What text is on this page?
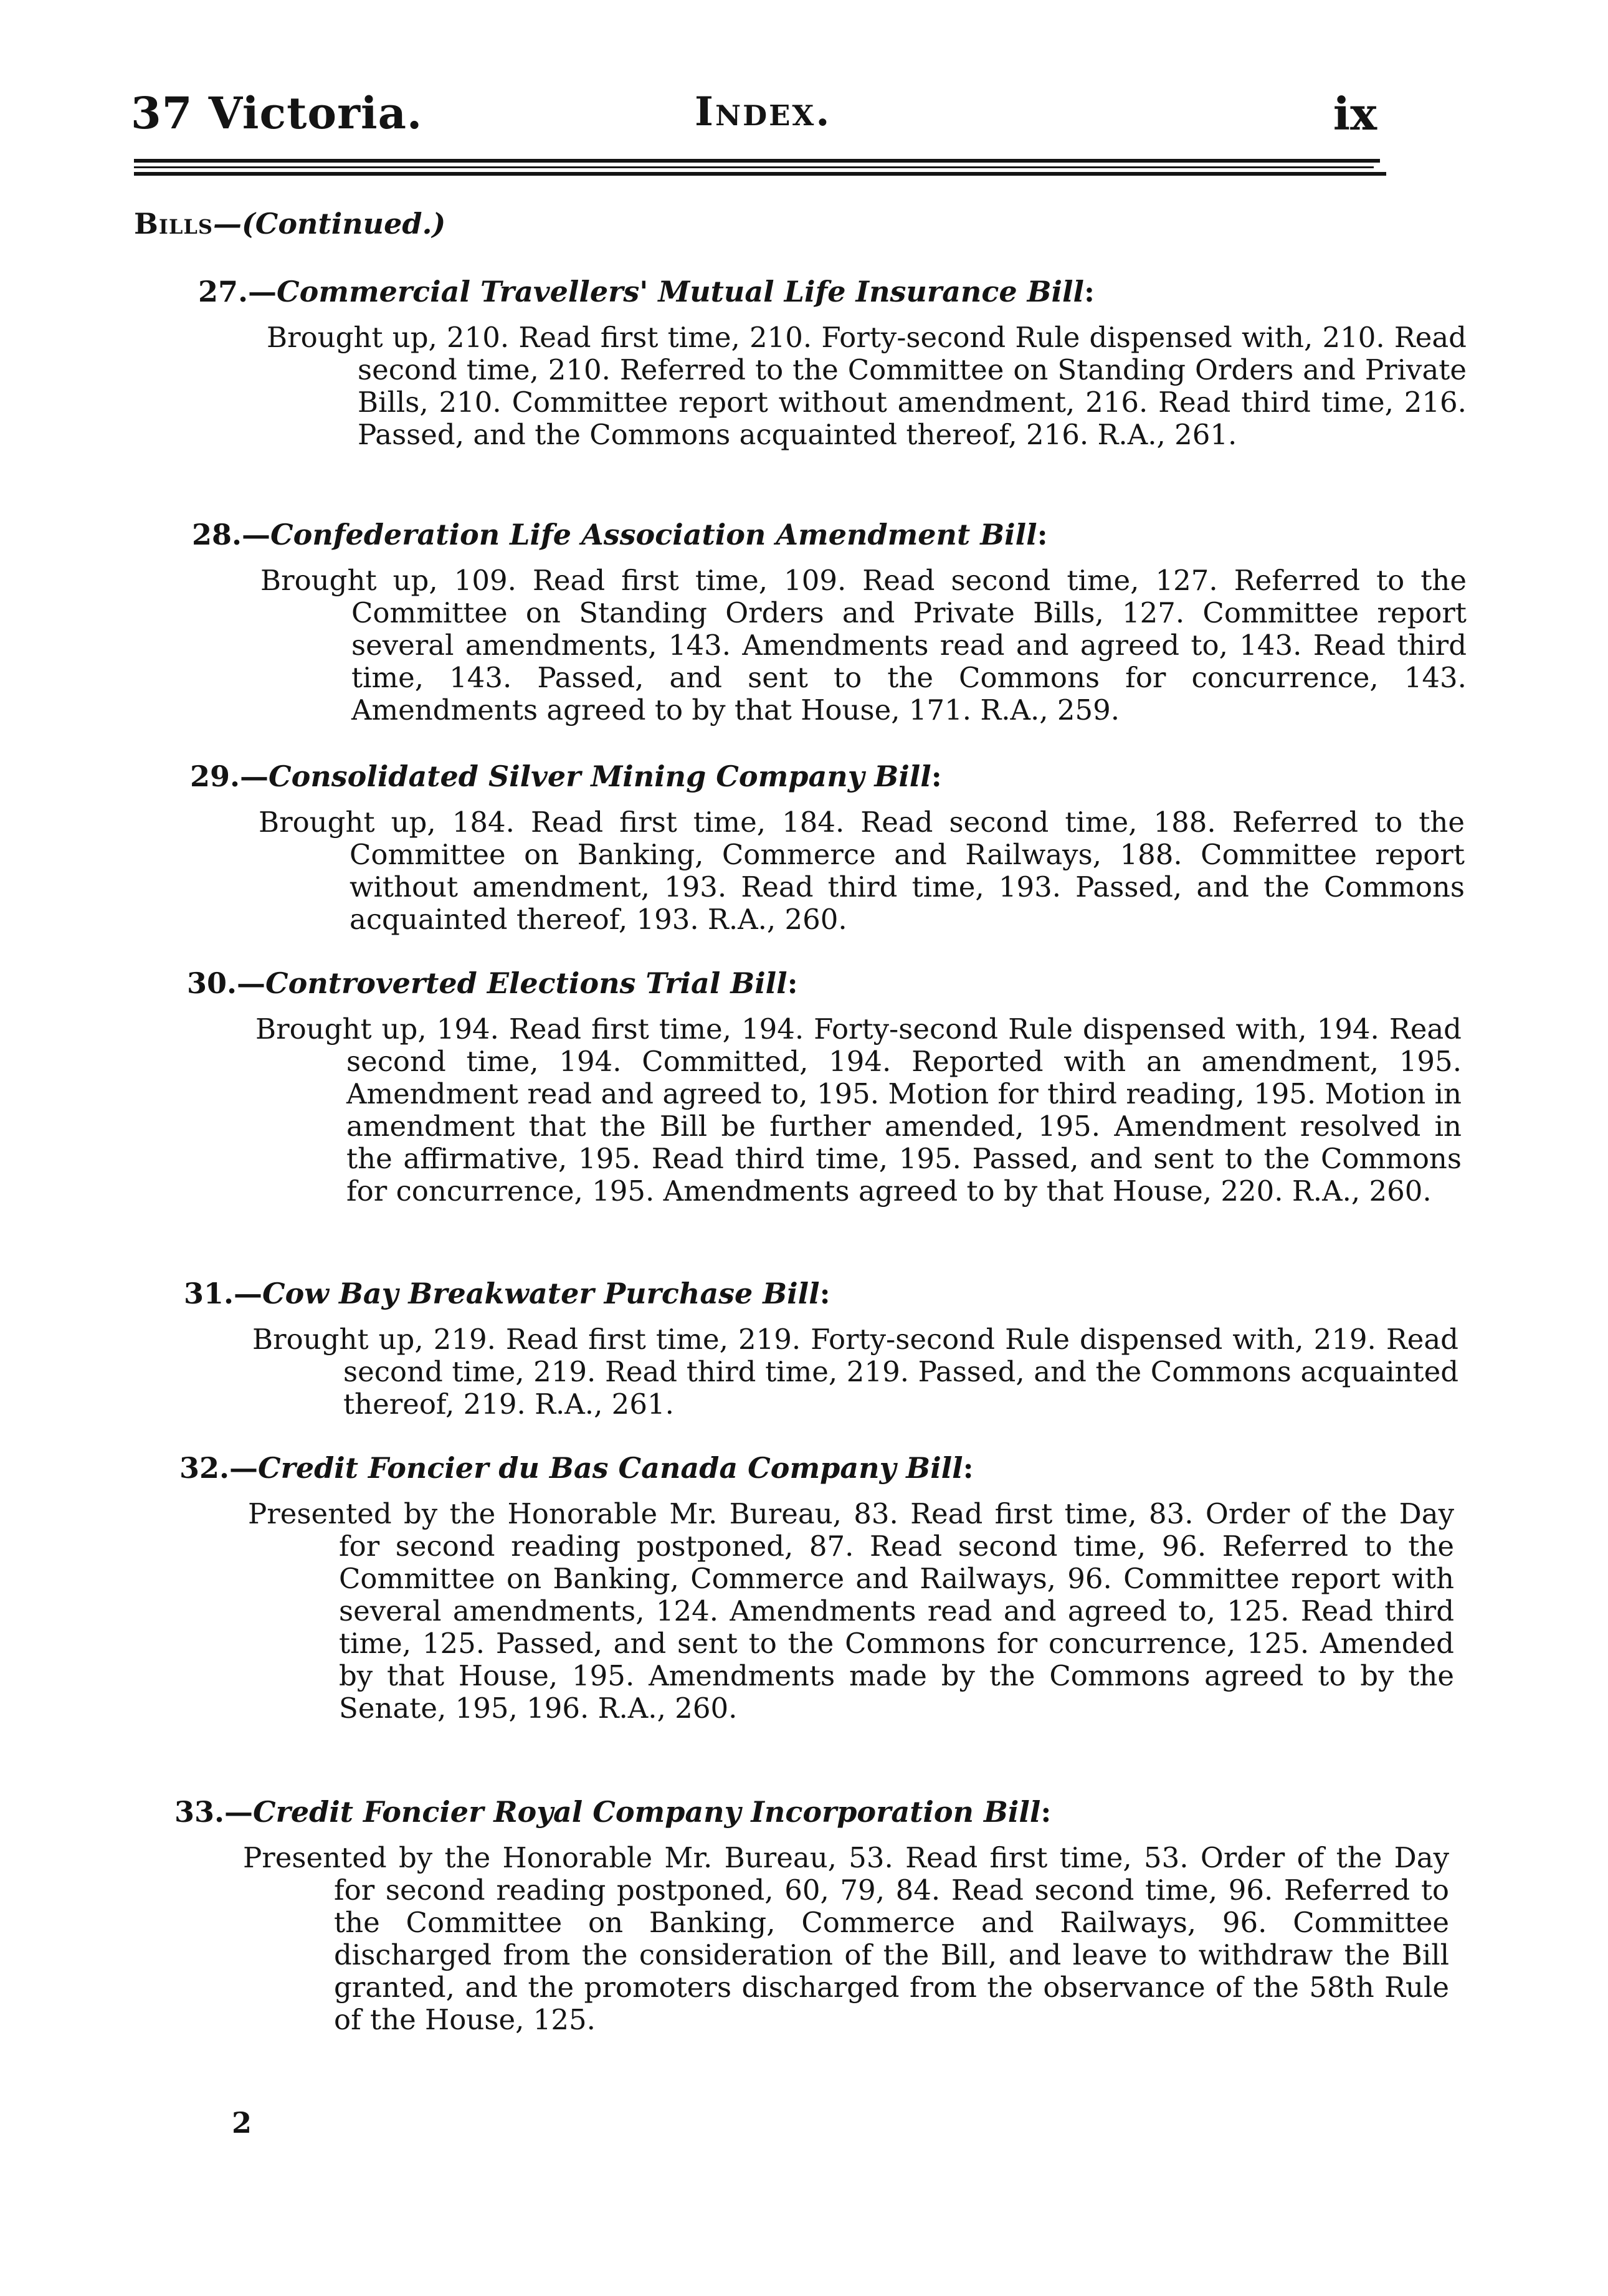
37 Victoria.	Index.	ix
Bills—(Continued.)
27.—Commercial Travellers' Mutual Life Insurance Bill:
Brought up, 210. Read first time, 210. Forty-second Rule dispensed with, 210. Read second time, 210. Referred to the Committee on Standing Orders and Private Bills, 210. Committee report without amendment, 216. Read third time, 216. Passed, and the Commons acquainted thereof, 216. R.A., 261.
28.—Confederation Life Association Amendment Bill:
Brought up, 109. Read first time, 109. Read second time, 127. Referred to the Committee on Standing Orders and Private Bills, 127. Committee report several amendments, 143. Amendments read and agreed to, 143. Read third time, 143. Passed, and sent to the Commons for concurrence, 143. Amendments agreed to by that House, 171. R.A., 259.
29.—Consolidated Silver Mining Company Bill:
Brought up, 184. Read first time, 184. Read second time, 188. Referred to the Committee on Banking, Commerce and Railways, 188. Committee report without amendment, 193. Read third time, 193. Passed, and the Commons acquainted thereof, 193. R.A., 260.
30.—Controverted Elections Trial Bill:
Brought up, 194. Read first time, 194. Forty-second Rule dispensed with, 194. Read second time, 194. Committed, 194. Reported with an amendment, 195. Amendment read and agreed to, 195. Motion for third reading, 195. Motion in amendment that the Bill be further amended, 195. Amendment resolved in the affirmative, 195. Read third time, 195. Passed, and sent to the Commons for concurrence, 195. Amendments agreed to by that House, 220. R.A., 260.
31.—Cow Bay Breakwater Purchase Bill:
Brought up, 219. Read first time, 219. Forty-second Rule dispensed with, 219. Read second time, 219. Read third time, 219. Passed, and the Commons acquainted thereof, 219. R.A., 261.
32.—Credit Foncier du Bas Canada Company Bill:
Presented by the Honorable Mr. Bureau, 83. Read first time, 83. Order of the Day for second reading postponed, 87. Read second time, 96. Referred to the Committee on Banking, Commerce and Railways, 96. Committee report with several amendments, 124. Amendments read and agreed to, 125. Read third time, 125. Passed, and sent to the Commons for concurrence, 125. Amended by that House, 195. Amendments made by the Commons agreed to by the Senate, 195, 196. R.A., 260.
33.—Credit Foncier Royal Company Incorporation Bill:
Presented by the Honorable Mr. Bureau, 53. Read first time, 53. Order of the Day for second reading postponed, 60, 79, 84. Read second time, 96. Referred to the Committee on Banking, Commerce and Railways, 96. Committee discharged from the consideration of the Bill, and leave to withdraw the Bill granted, and the promoters discharged from the observance of the 58th Rule of the House, 125.
2
